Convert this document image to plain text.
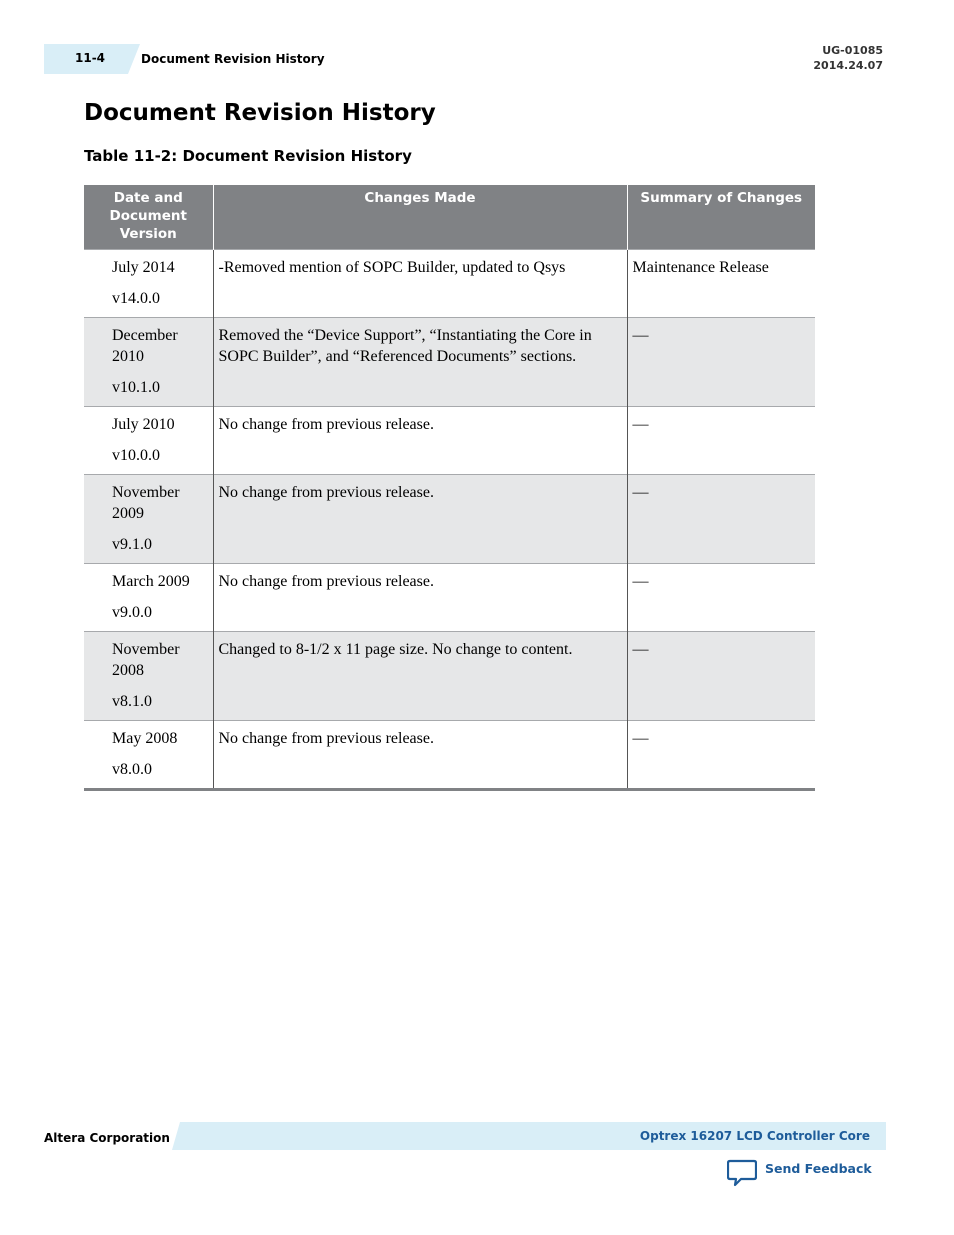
11-4	Document Revision History
UG-01085
2014.24.07
Document Revision History
Table 11-2: Document Revision History
Date and Document Version	Changes Made	Summary of Changes

July 2014
v14.0.0	-Removed mention of SOPC Builder, updated to Qsys	Maintenance Release

December 2010
v10.1.0	Removed the “Device Support”, “Instantiating the Core in SOPC Builder”, and “Referenced Documents” sections.	—

July 2010
v10.0.0	No change from previous release.	—

November 2009
v9.1.0	No change from previous release.	—

March 2009
v9.0.0	No change from previous release.	—

November 2008
v8.1.0	Changed to 8-1/2 x 11 page size. No change to content.	—

May 2008
v8.0.0	No change from previous release.	—
Altera Corporation	Optrex 16207 LCD Controller Core
Send Feedback
